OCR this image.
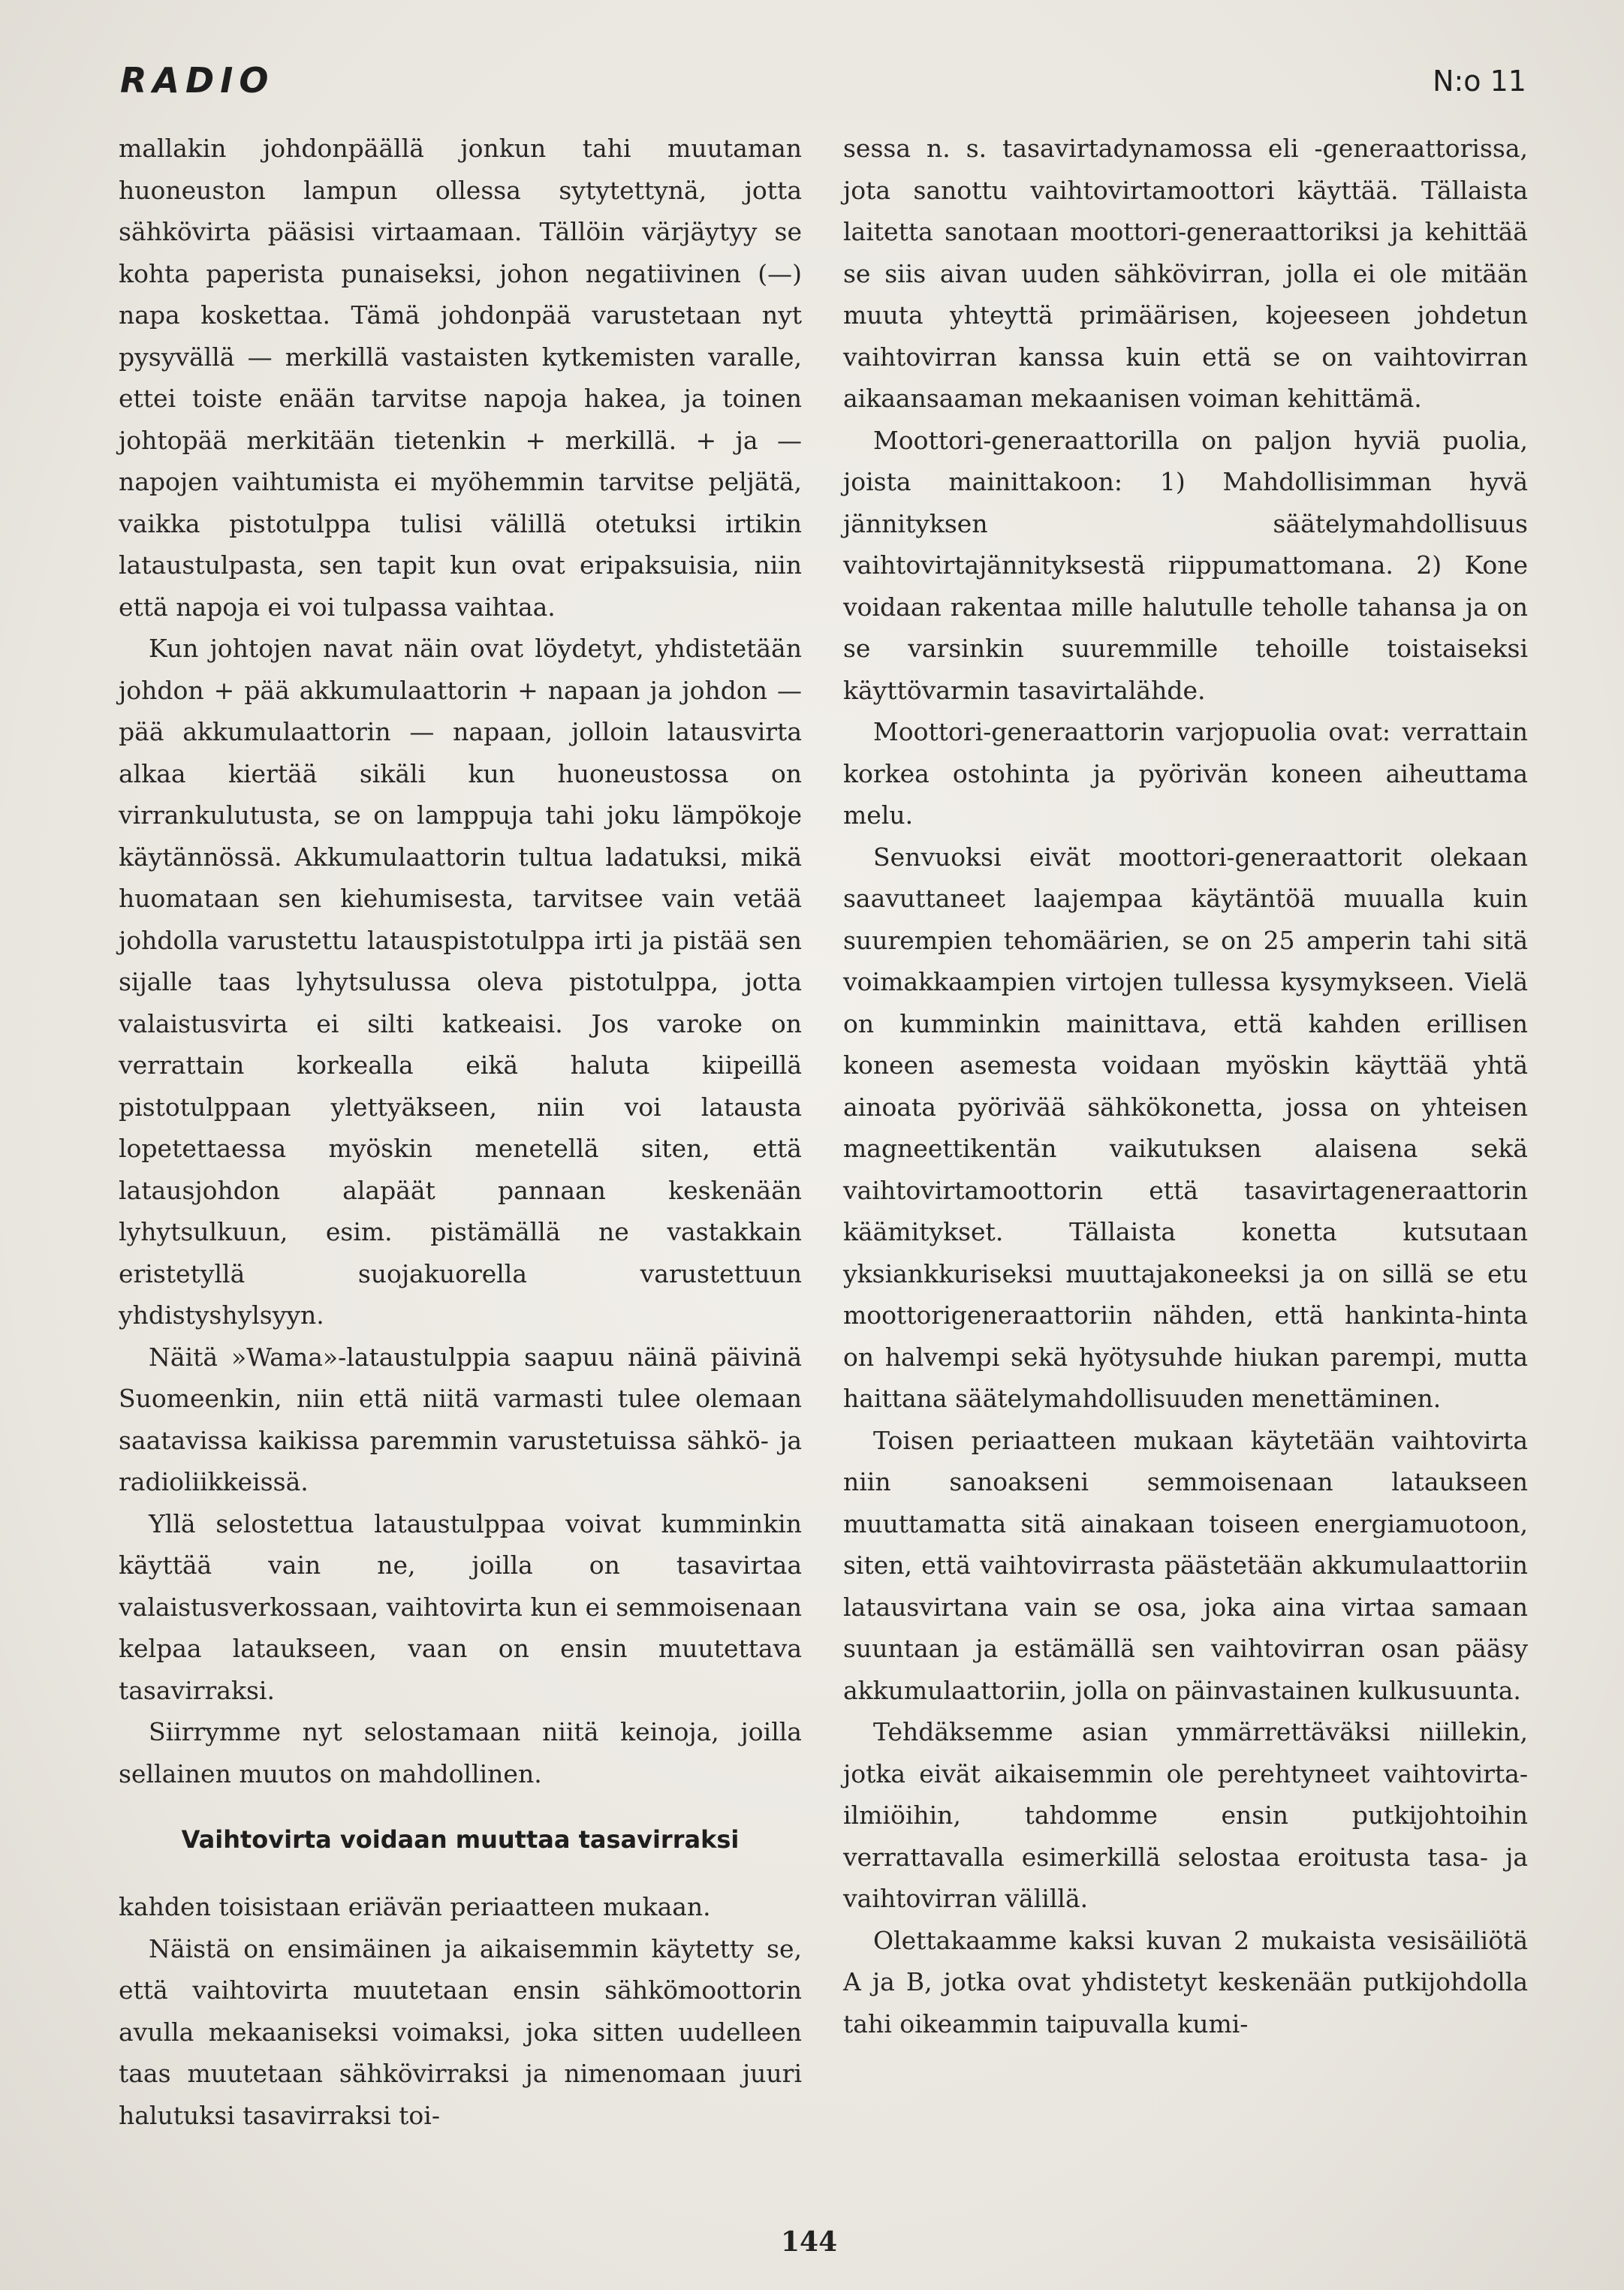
RADIO	N:o 11

mallakin johdonpäällä jonkun tahi muutaman huoneuston lampun ollessa sytytettynä, jotta sähkövirta pääsisi virtaamaan. Tällöin värjäytyy se kohta paperista punaiseksi, johon negatiivinen (—) napa koskettaa. Tämä johdonpää varustetaan nyt pysyvällä — merkillä vastaisten kytkemisten varalle, ettei toiste enään tarvitse napoja hakea, ja toinen johtopää merkitään tietenkin + merkillä. + ja — napojen vaihtumista ei myöhemmin tarvitse peljätä, vaikka pistotulppa tulisi välillä otetuksi irtikin lataustulpasta, sen tapit kun ovat eripaksuisia, niin että napoja ei voi tulpassa vaihtaa.

Kun johtojen navat näin ovat löydetyt, yhdistetään johdon + pää akkumulaattorin + napaan ja johdon — pää akkumulaattorin — napaan, jolloin latausvirta alkaa kiertää sikäli kun huoneustossa on virrankulutusta, se on lamppuja tahi joku lämpökoje käytännössä. Akkumulaattorin tultua ladatuksi, mikä huomataan sen kiehumisesta, tarvitsee vain vetää johdolla varustettu latauspistotulppa irti ja pistää sen sijalle taas lyhytsulussa oleva pistotulppa, jotta valaistusvirta ei silti katkeaisi. Jos varoke on verrattain korkealla eikä haluta kiipeillä pistotulppaan ylettyäkseen, niin voi latausta lopetettaessa myöskin menetellä siten, että latausjohdon alapäät pannaan keskenään lyhytsulkuun, esim. pistämällä ne vastakkain eristetyllä suojakuorella varustettuun yhdistyshylsyyn.

Näitä »Wama»-lataustulppia saapuu näinä päivinä Suomeenkin, niin että niitä varmasti tulee olemaan saatavissa kaikissa paremmin varustetuissa sähkö- ja radioliikkeissä.

Yllä selostettua lataustulppaa voivat kumminkin käyttää vain ne, joilla on tasavirtaa valaistusverkossaan, vaihtovirta kun ei semmoisenaan kelpaa lataukseen, vaan on ensin muutettava tasavirraksi.

Siirrymme nyt selostamaan niitä keinoja, joilla sellainen muutos on mahdollinen.

Vaihtovirta voidaan muuttaa tasavirraksi

kahden toisistaan eriävän periaatteen mukaan.

Näistä on ensimäinen ja aikaisemmin käytetty se, että vaihtovirta muutetaan ensin sähkömoottorin avulla mekaaniseksi voimaksi, joka sitten uudelleen taas muutetaan sähkövirraksi ja nimenomaan juuri halutuksi tasavirraksi toi-

sessa n. s. tasavirtadynamossa eli -generaattorissa, jota sanottu vaihtovirtamoottori käyttää. Tällaista laitetta sanotaan moottori-generaattoriksi ja kehittää se siis aivan uuden sähkövirran, jolla ei ole mitään muuta yhteyttä primäärisen, kojeeseen johdetun vaihtovirran kanssa kuin että se on vaihtovirran aikaansaaman mekaanisen voiman kehittämä.

Moottori-generaattorilla on paljon hyviä puolia, joista mainittakoon: 1) Mahdollisimman hyvä jännityksen säätelymahdollisuus vaihtovirtajännityksestä riippumattomana. 2) Kone voidaan rakentaa mille halutulle teholle tahansa ja on se varsinkin suuremmille tehoille toistaiseksi käyttövarmin tasavirtalähde.

Moottori-generaattorin varjopuolia ovat: verrattain korkea ostohinta ja pyörivän koneen aiheuttama melu.

Senvuoksi eivät moottori-generaattorit olekaan saavuttaneet laajempaa käytäntöä muualla kuin suurempien tehomäärien, se on 25 amperin tahi sitä voimakkaampien virtojen tullessa kysymykseen. Vielä on kumminkin mainittava, että kahden erillisen koneen asemesta voidaan myöskin käyttää yhtä ainoata pyörivää sähkökonetta, jossa on yhteisen magneettikentän vaikutuksen alaisena sekä vaihtovirtamoottorin että tasavirtageneraattorin käämitykset. Tällaista konetta kutsutaan yksiankkuriseksi muuttajakoneeksi ja on sillä se etu moottorigeneraattoriin nähden, että hankinta-hinta on halvempi sekä hyötysuhde hiukan parempi, mutta haittana säätelymahdollisuuden menettäminen.

Toisen periaatteen mukaan käytetään vaihtovirta niin sanoakseni semmoisenaan lataukseen muuttamatta sitä ainakaan toiseen energiamuotoon, siten, että vaihtovirrasta päästetään akkumulaattoriin latausvirtana vain se osa, joka aina virtaa samaan suuntaan ja estämällä sen vaihtovirran osan pääsy akkumulaattoriin, jolla on päinvastainen kulkusuunta.

Tehdäksemme asian ymmärrettäväksi niillekin, jotka eivät aikaisemmin ole perehtyneet vaihtovirta-ilmiöihin, tahdomme ensin putkijohtoihin verrattavalla esimerkillä selostaa eroitusta tasa- ja vaihtovirran välillä.

Olettakaamme kaksi kuvan 2 mukaista vesisäiliötä A ja B, jotka ovat yhdistetyt keskenään putkijohdolla tahi oikeammin taipuvalla kumi-

144
